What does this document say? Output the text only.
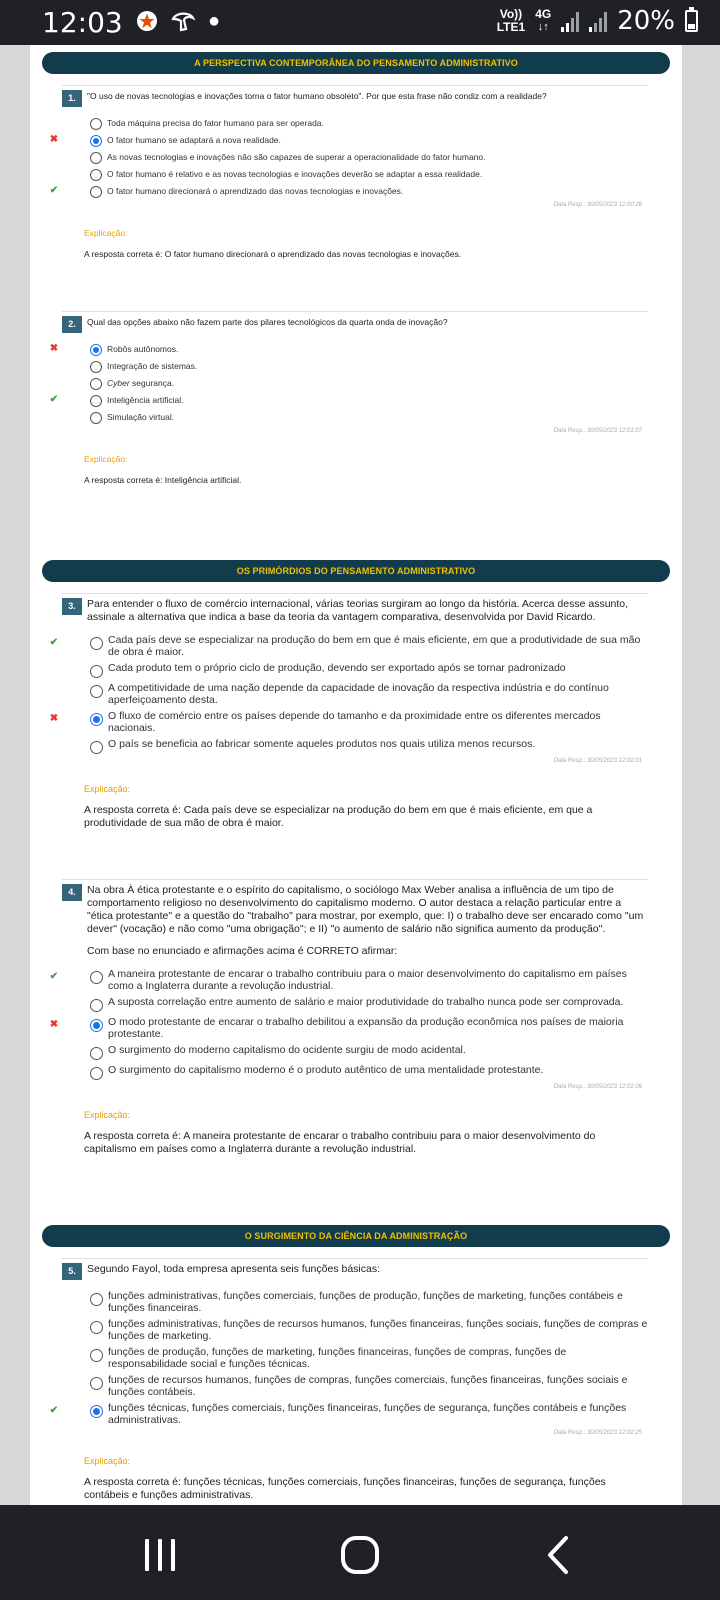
12:03	●	Vo))
LTE1
4G
↓↑	20%
A PERSPECTIVA CONTEMPORÂNEA DO PENSAMENTO ADMINISTRATIVO
1.	"O uso de novas tecnologias e inovações torna o fator humano obsoleto". Por que esta frase não condiz com a realidade?
Toda máquina precisa do fator humano para ser operada.
✖	O fator humano se adaptará a nova realidade.
As novas tecnologias e inovações não são capazes de superar a operacionalidade do fator humano.
O fator humano é relativo e as novas tecnologias e inovações deverão se adaptar a essa realidade.
✔	O fator humano direcionará o aprendizado das novas tecnologias e inovações.
Data Resp.: 30/05/2023 12:00:26
Explicação:
A resposta correta é: O fator humano direcionará o aprendizado das novas tecnologias e inovações.
2.	Qual das opções abaixo não fazem parte dos pilares tecnológicos da quarta onda de inovação?
✖	Robôs autônomos.
Integração de sistemas.
Cyber segurança.
✔	Inteligência artificial.
Simulação virtual.
Data Resp.: 30/05/2023 12:01:07
Explicação:
A resposta correta é: Inteligência artificial.
OS PRIMÓRDIOS DO PENSAMENTO ADMINISTRATIVO
3.	Para entender o fluxo de comércio internacional, várias teorias surgiram ao longo da história. Acerca desse assunto, assinale a alternativa que indica a base da teoria da vantagem comparativa, desenvolvida por David Ricardo.
✔	Cada país deve se especializar na produção do bem em que é mais eficiente, em que a produtividade de sua mão de obra é maior.
Cada produto tem o próprio ciclo de produção, devendo ser exportado após se tornar padronizado
A competitividade de uma nação depende da capacidade de inovação da respectiva indústria e do contínuo aperfeiçoamento desta.
✖	O fluxo de comércio entre os países depende do tamanho e da proximidade entre os diferentes mercados nacionais.
O país se beneficia ao fabricar somente aqueles produtos nos quais utiliza menos recursos.
Data Resp.: 30/05/2023 12:02:01
Explicação:
A resposta correta é: Cada país deve se especializar na produção do bem em que é mais eficiente, em que a produtividade de sua mão de obra é maior.
4.	Na obra À ética protestante e o espírito do capitalismo, o sociólogo Max Weber analisa a influência de um tipo de comportamento religioso no desenvolvimento do capitalismo moderno. O autor destaca a relação particular entre a "ética protestante" e a questão do "trabalho" para mostrar, por exemplo, que: I) o trabalho deve ser encarado como "um dever" (vocação) e não como "uma obrigação"; e II) "o aumento de salário não significa aumento da produção".
Com base no enunciado e afirmações acima é CORRETO afirmar:
✔	A maneira protestante de encarar o trabalho contribuiu para o maior desenvolvimento do capitalismo em países como a Inglaterra durante a revolução industrial.
A suposta correlação entre aumento de salário e maior produtividade do trabalho nunca pode ser comprovada.
✖	O modo protestante de encarar o trabalho debilitou a expansão da produção econômica nos países de maioria protestante.
O surgimento do moderno capitalismo do ocidente surgiu de modo acidental.
O surgimento do capitalismo moderno é o produto autêntico de uma mentalidade protestante.
Data Resp.: 30/05/2023 12:02:09
Explicação:
A resposta correta é: A maneira protestante de encarar o trabalho contribuiu para o maior desenvolvimento do capitalismo em países como a Inglaterra durante a revolução industrial.
O SURGIMENTO DA CIÊNCIA DA ADMINISTRAÇÃO
5.	Segundo Fayol, toda empresa apresenta seis funções básicas:
funções administrativas, funções comerciais, funções de produção, funções de marketing, funções contábeis e funções financeiras.
funções administrativas, funções de recursos humanos, funções financeiras, funções sociais, funções de compras e funções de marketing.
funções de produção, funções de marketing, funções financeiras, funções de compras, funções de responsabilidade social e funções técnicas.
funções de recursos humanos, funções de compras, funções comerciais, funções financeiras, funções sociais e funções contábeis.
✔	funções técnicas, funções comerciais, funções financeiras, funções de segurança, funções contábeis e funções administrativas.
Data Resp.: 30/05/2023 12:02:25
Explicação:
A resposta correta é: funções técnicas, funções comerciais, funções financeiras, funções de segurança, funções contábeis e funções administrativas.
